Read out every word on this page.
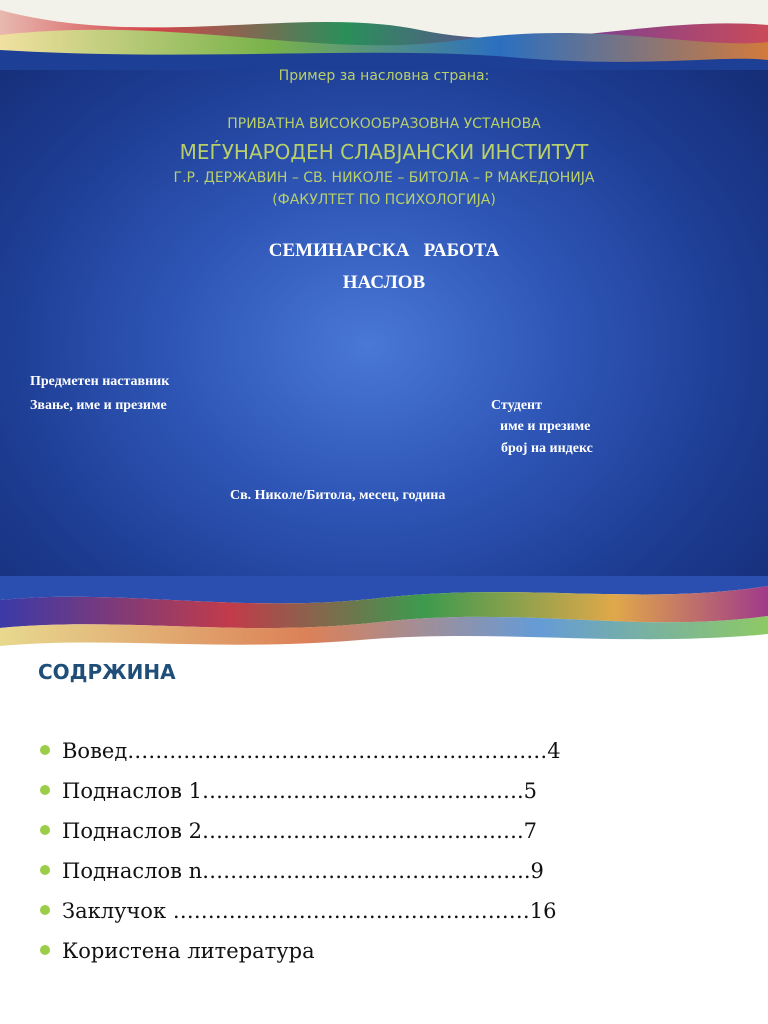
Пример за насловна страна:
ПРИВАТНА ВИСОКООБРАЗОВНА УСТАНОВА
МЕЃУНАРОДЕН СЛАВЈАНСКИ ИНСТИТУТ
Г.Р. ДЕРЖАВИН – СВ. НИКОЛЕ – БИТОЛА – Р МАКЕДОНИЈА
(ФАКУЛТЕТ ПО ПСИХОЛОГИЈА)
СЕМИНАРСКА   РАБОТА
НАСЛОВ
Предметен наставник
Звање, име и презиме	Студент
име и презиме
број на индекс
Св. Николе/Битола, месец, година
СОДРЖИНА
Вовед……………………………………………………4
Поднаслов 1……………………………………….5
Поднаслов 2……………………………………….7
Поднаслов n………………………………………..9
Заклучок ……………………………………………16
Користена литература
